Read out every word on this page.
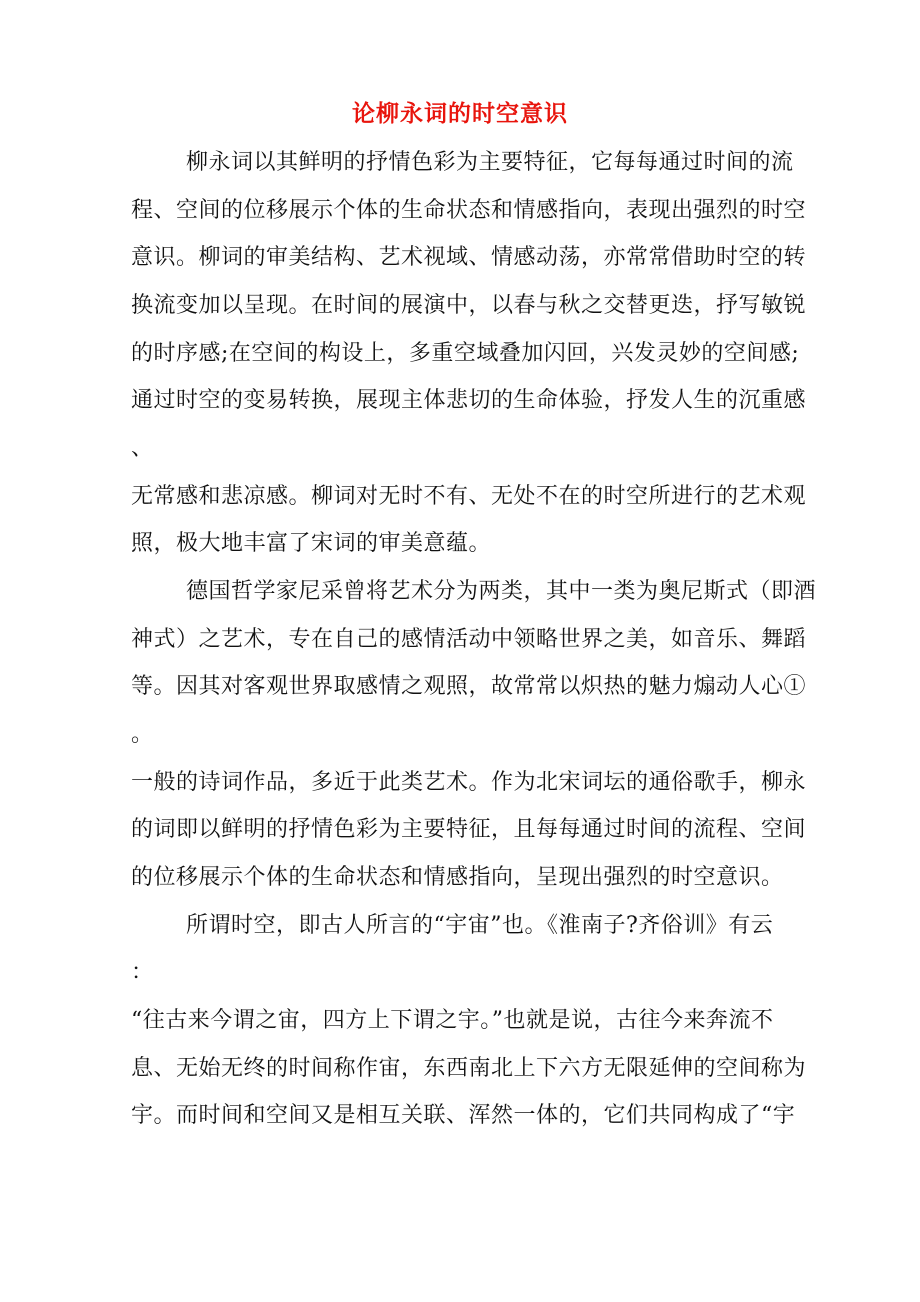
论柳永词的时空意识
柳永词以其鲜明的抒情色彩为主要特征，它每每通过时间的流
程、空间的位移展示个体的生命状态和情感指向，表现出强烈的时空
意识。柳词的审美结构、艺术视域、情感动荡，亦常常借助时空的转
换流变加以呈现。在时间的展演中，以春与秋之交替更迭，抒写敏锐
的时序感;在空间的构设上，多重空域叠加闪回，兴发灵妙的空间感;
通过时空的变易转换，展现主体悲切的生命体验，抒发人生的沉重感
、
无常感和悲凉感。柳词对无时不有、无处不在的时空所进行的艺术观
照，极大地丰富了宋词的审美意蕴。
德国哲学家尼采曾将艺术分为两类，其中一类为奥尼斯式（即酒
神式）之艺术，专在自己的感情活动中领略世界之美，如音乐、舞蹈
等。因其对客观世界取感情之观照，故常常以炽热的魅力煽动人心①
。
一般的诗词作品，多近于此类艺术。作为北宋词坛的通俗歌手，柳永
的词即以鲜明的抒情色彩为主要特征，且每每通过时间的流程、空间
的位移展示个体的生命状态和情感指向，呈现出强烈的时空意识。
所谓时空，即古人所言的“宇宙”也。《淮南子?齐俗训》有云
：
“往古来今谓之宙，四方上下谓之宇。”也就是说，古往今来奔流不
息、无始无终的时间称作宙，东西南北上下六方无限延伸的空间称为
宇。而时间和空间又是相互关联、浑然一体的，它们共同构成了“宇
